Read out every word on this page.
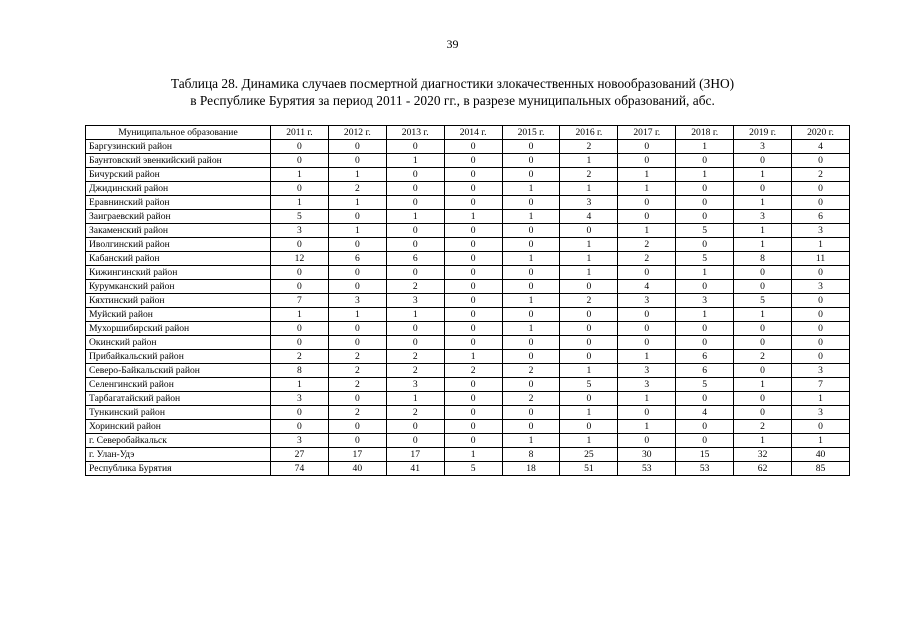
39
Таблица 28. Динамика случаев посмертной диагностики злокачественных новообразований (ЗНО)
в Республике Бурятия за период 2011 - 2020 гг., в разрезе муниципальных образований, абс.
Муниципальное образование	2011 г.	2012 г.	2013 г.	2014 г.	2015 г.	2016 г.	2017 г.	2018 г.	2019 г.	2020 г.
Баргузинский район	0	0	0	0	0	2	0	1	3	4
Баунтовский эвенкийский район	0	0	1	0	0	1	0	0	0	0
Бичурский район	1	1	0	0	0	2	1	1	1	2
Джидинский район	0	2	0	0	1	1	1	0	0	0
Еравнинский район	1	1	0	0	0	3	0	0	1	0
Заиграевский район	5	0	1	1	1	4	0	0	3	6
Закаменский район	3	1	0	0	0	0	1	5	1	3
Иволгинский район	0	0	0	0	0	1	2	0	1	1
Кабанский район	12	6	6	0	1	1	2	5	8	11
Кижингинский район	0	0	0	0	0	1	0	1	0	0
Курумканский район	0	0	2	0	0	0	4	0	0	3
Кяхтинский район	7	3	3	0	1	2	3	3	5	0
Муйский район	1	1	1	0	0	0	0	1	1	0
Мухоршибирский район	0	0	0	0	1	0	0	0	0	0
Окинский район	0	0	0	0	0	0	0	0	0	0
Прибайкальский район	2	2	2	1	0	0	1	6	2	0
Северо-Байкальский район	8	2	2	2	2	1	3	6	0	3
Селенгинский район	1	2	3	0	0	5	3	5	1	7
Тарбагатайский район	3	0	1	0	2	0	1	0	0	1
Тункинский район	0	2	2	0	0	1	0	4	0	3
Хоринский район	0	0	0	0	0	0	1	0	2	0
г. Северобайкальск	3	0	0	0	1	1	0	0	1	1
г. Улан-Удэ	27	17	17	1	8	25	30	15	32	40
Республика Бурятия	74	40	41	5	18	51	53	53	62	85
